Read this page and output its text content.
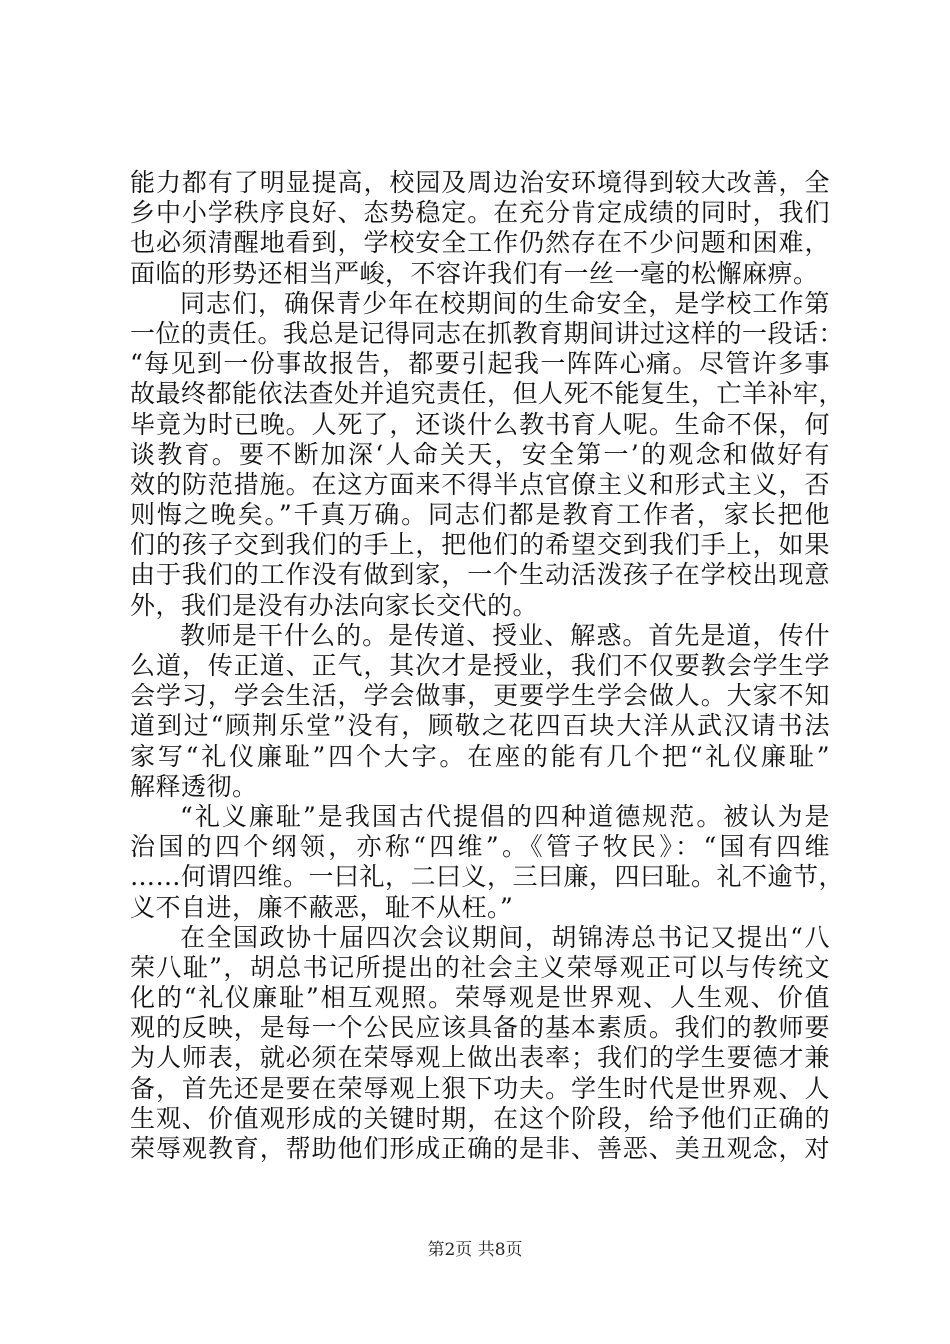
能力都有了明显提高，校园及周边治安环境得到较大改善，全
乡中小学秩序良好、态势稳定。在充分肯定成绩的同时，我们
也必须清醒地看到，学校安全工作仍然存在不少问题和困难，
面临的形势还相当严峻，不容许我们有一丝一毫的松懈麻痹。
同志们，确保青少年在校期间的生命安全，是学校工作第
一位的责任。我总是记得同志在抓教育期间讲过这样的一段话：
“每见到一份事故报告，都要引起我一阵阵心痛。尽管许多事
故最终都能依法查处并追究责任，但人死不能复生，亡羊补牢，
毕竟为时已晚。人死了，还谈什么教书育人呢。生命不保，何
谈教育。要不断加深‘人命关天，安全第一’的观念和做好有
效的防范措施。在这方面来不得半点官僚主义和形式主义，否
则悔之晚矣。”千真万确。同志们都是教育工作者，家长把他
们的孩子交到我们的手上，把他们的希望交到我们手上，如果
由于我们的工作没有做到家，一个生动活泼孩子在学校出现意
外，我们是没有办法向家长交代的。
教师是干什么的。是传道、授业、解惑。首先是道，传什
么道，传正道、正气，其次才是授业，我们不仅要教会学生学
会学习，学会生活，学会做事，更要学生学会做人。大家不知
道到过“顾荆乐堂”没有，顾敬之花四百块大洋从武汉请书法
家写“礼仪廉耻”四个大字。在座的能有几个把“礼仪廉耻”
解释透彻。
“礼义廉耻”是我国古代提倡的四种道德规范。被认为是
治国的四个纲领，亦称“四维”。《管子牧民》：“国有四维
……何谓四维。一曰礼，二曰义，三曰廉，四曰耻。礼不逾节，
义不自进，廉不蔽恶，耻不从枉。”
在全国政协十届四次会议期间，胡锦涛总书记又提出“八
荣八耻”，胡总书记所提出的社会主义荣辱观正可以与传统文
化的“礼仪廉耻”相互观照。荣辱观是世界观、人生观、价值
观的反映，是每一个公民应该具备的基本素质。我们的教师要
为人师表，就必须在荣辱观上做出表率；我们的学生要德才兼
备，首先还是要在荣辱观上狠下功夫。学生时代是世界观、人
生观、价值观形成的关键时期，在这个阶段，给予他们正确的
荣辱观教育，帮助他们形成正确的是非、善恶、美丑观念，对
第2页 共8页
